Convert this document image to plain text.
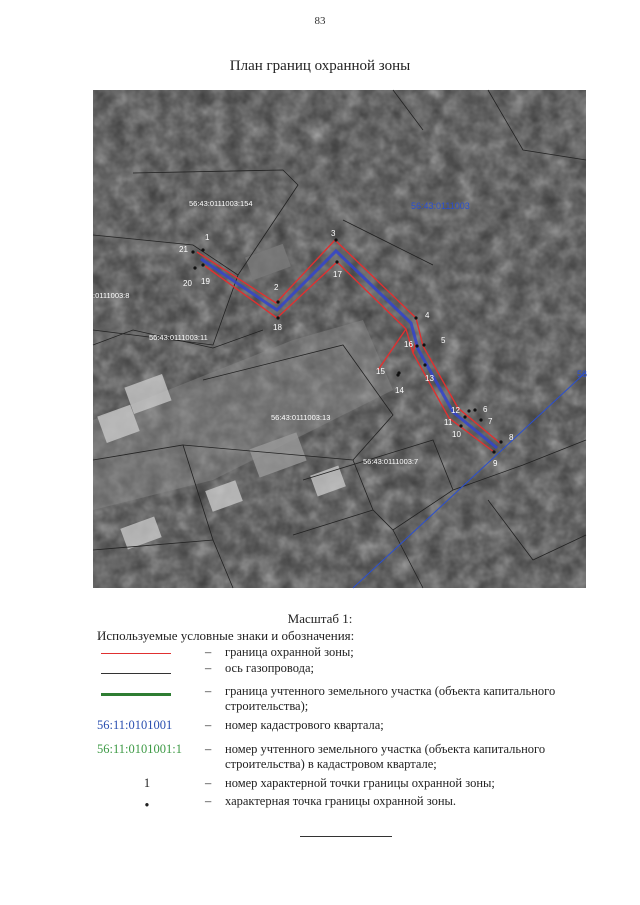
83
План границ охранной зоны
56:43:0111003:154	56:43:0111003
:0111003:8
56:43:0111003:11
56:43:0111003:13
56:43:0111003:7
56
1
2
3
4
5
6
7
8
9
10
11
12
13
14
15
16
17
18
19
20
21
Масштаб 1:
Используемые условные знаки и обозначения:
– граница охранной зоны;
– ось газопровода;
– граница учтенного земельного участка (объекта капитального строительства);
56:11:0101001	– номер кадастрового квартала;
56:11:0101001:1	– номер учтенного земельного участка (объекта капитального строительства) в кадастровом квартале;
1	– номер характерной точки границы охранной зоны;
•	– характерная точка границы охранной зоны.
